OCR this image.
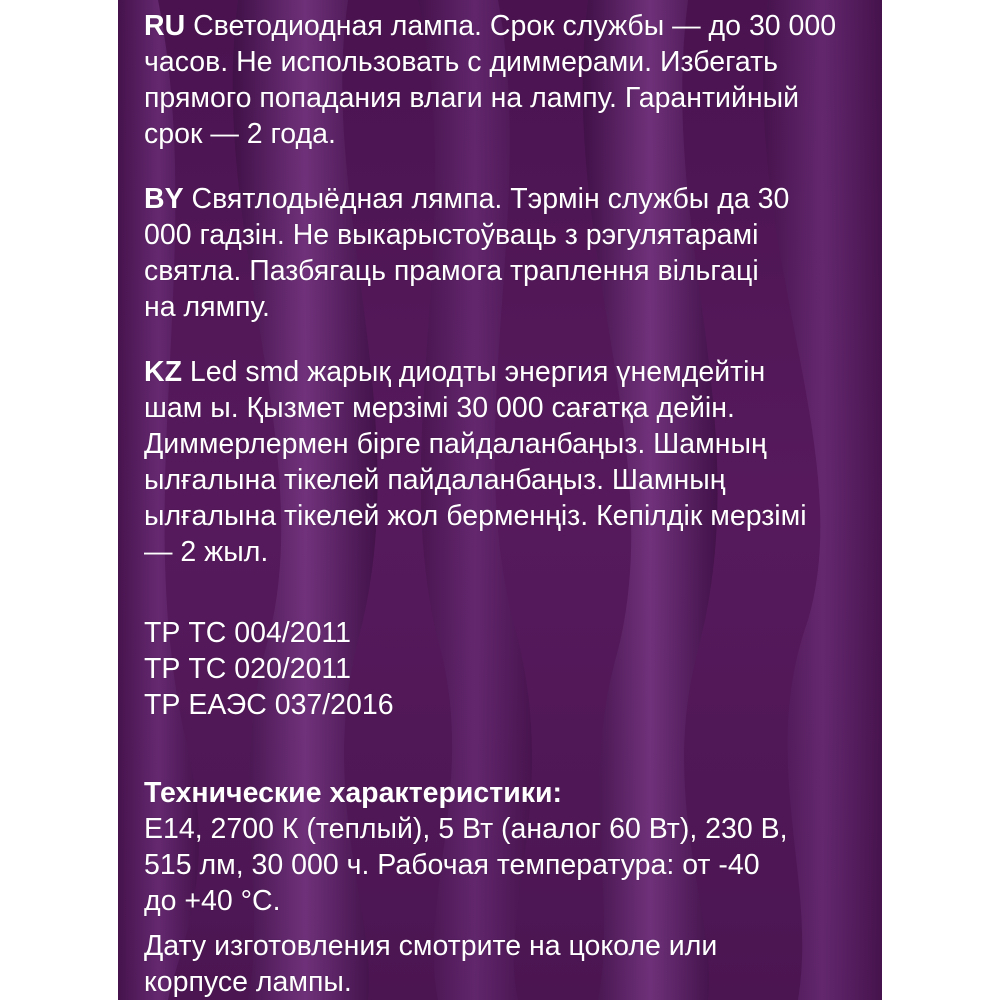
RU Светодиодная лампа. Срок службы — до 30 000
часов. Не использовать с диммерами. Избегать
прямого попадания влаги на лампу. Гарантийный
срок — 2 года.
BY Святлодыёдная лямпа. Тэрмін службы да 30
000 гадзін. Не выкарыстоўваць з рэгулятарамі
святла. Пазбягаць прамога траплення вільгаці
на лямпу.
KZ Led smd жарық диодты энергия үнемдейтін
шам ы. Қызмет мерзімі 30 000 сағатқа дейін.
Диммерлермен бірге пайдаланбаңыз. Шамның
ылғалына тікелей пайдаланбаңыз. Шамның
ылғалына тікелей жол берменңіз. Кепілдік мерзімі
— 2 жыл.
ТР ТС 004/2011
ТР ТС 020/2011
ТР ЕАЭС 037/2016
Технические характеристики:
Е14, 2700 К (теплый), 5 Вт (аналог 60 Вт), 230 В,
515 лм, 30 000 ч. Рабочая температура: от -40
до +40 °С.
Дату изготовления смотрите на цоколе или
корпусе лампы.
